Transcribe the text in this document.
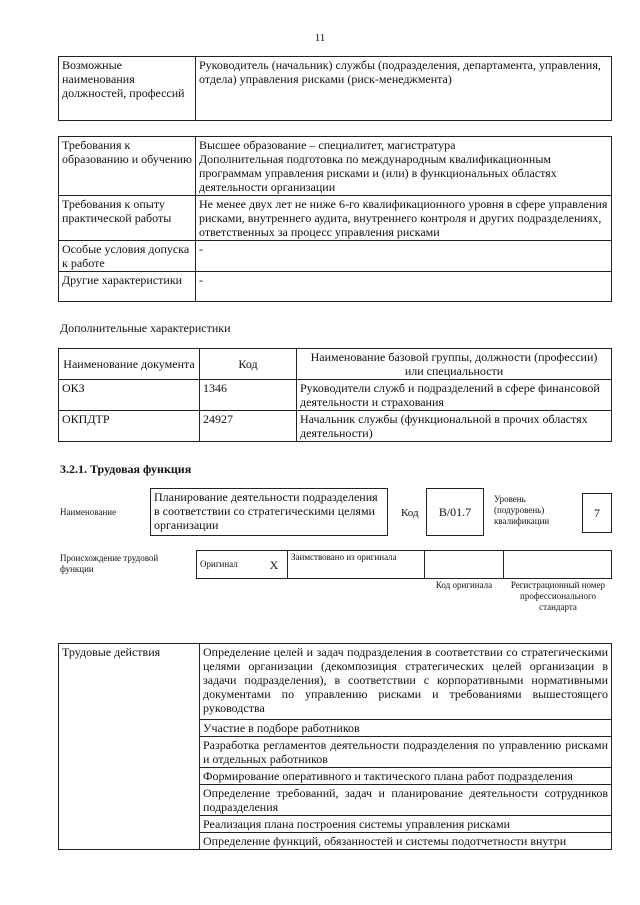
11
Возможные наименования должностей, профессий	Руководитель (начальник) службы (подразделения, департамента, управления, отдела) управления рисками (риск-менеджмента)
Требования к образованию и обучению	Высшее образование – специалитет, магистратура
Дополнительная подготовка по международным квалификационным программам управления рисками и (или) в функциональных областях деятельности организации

Требования к опыту практической работы	Не менее двух лет не ниже 6-го квалификационного уровня в сфере управления рисками, внутреннего аудита, внутреннего контроля и других подразделениях, ответственных за процесс управления рисками
Особые условия допуска к работе	-
Другие характеристики	-
Дополнительные характеристики
Наименование документа	Код	Наименование базовой группы, должности (профессии) или специальности
ОКЗ	1346	Руководители служб и подразделений в сфере финансовой деятельности и страхования
ОКПДТР	24927	Начальник службы (функциональной в прочих областях деятельности)
3.2.1. Трудовая функция
Наименование
Планирование деятельности подразделения в соответствии со стратегическими целями организации
Код	B/01.7
Уровень (подуровень) квалификации
7
Происхождение трудовой функции	Оригинал	X	Заимствовано из оригинала		
Код оригинала	Регистрационный номер профессионального стандарта
Трудовые действия	Определение целей и задач подразделения в соответствии со стратегическими целями организации (декомпозиция стратегических целей организации в задачи подразделения), в соответствии с корпоративными нормативными документами по управлению рисками и требованиями вышестоящего руководства
Участие в подборе работников
Разработка регламентов деятельности подразделения по управлению рисками и отдельных работников
Формирование оперативного и тактического плана работ подразделения
Определение требований, задач и планирование деятельности сотрудников подразделения
Реализация плана построения системы управления рисками
Определение функций, обязанностей и системы подотчетности внутри
